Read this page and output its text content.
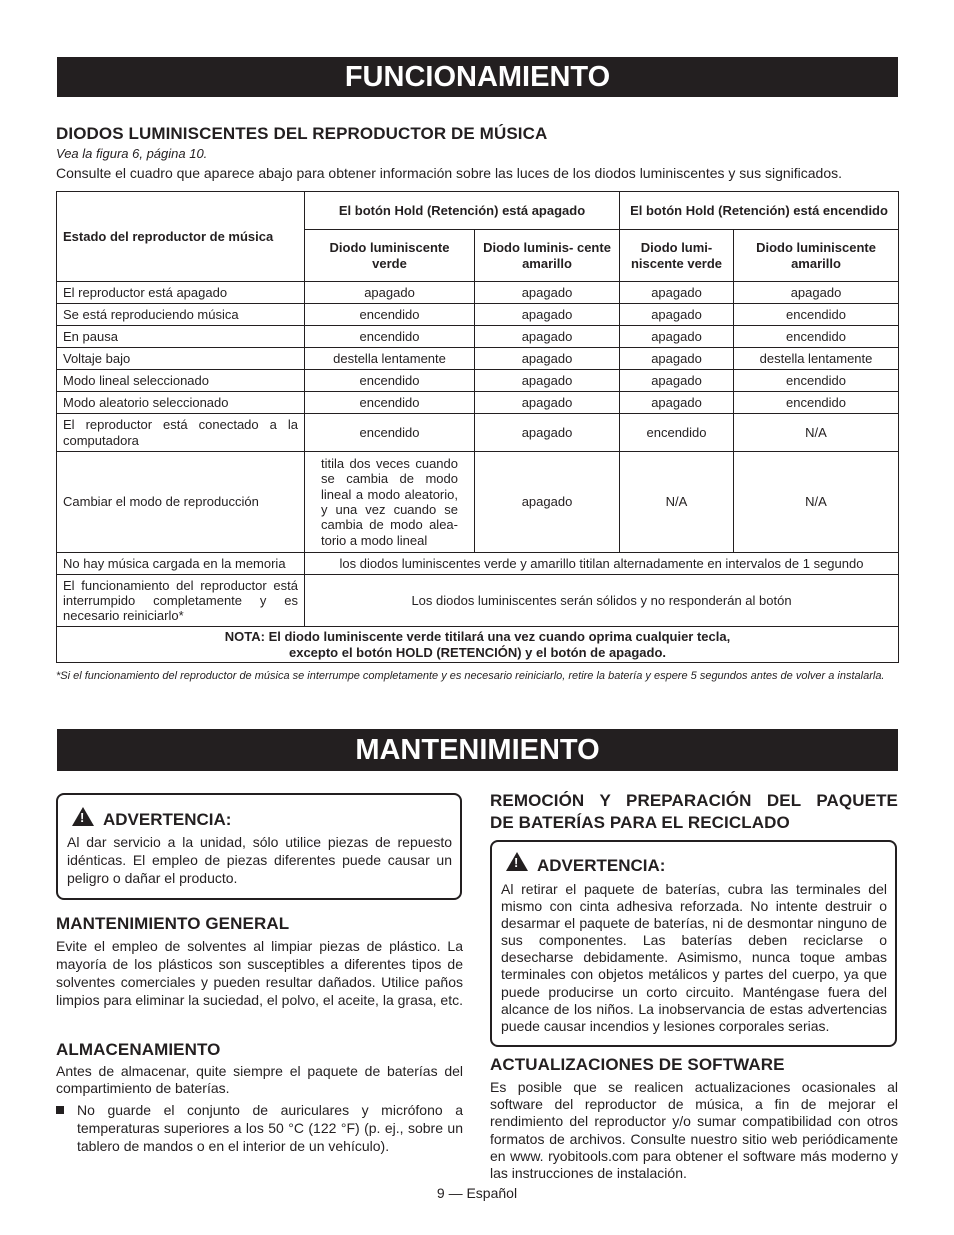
FUNCIONAMIENTO
DIODOS LUMINISCENTES DEL REPRODUCTOR DE MÚSICA
Vea la figura 6, página 10.
Consulte el cuadro que aparece abajo para obtener información sobre las luces de los diodos luminiscentes y sus significados.
Estado del reproductor de música	El botón Hold (Retención) está apagado		El botón Hold (Retención) está encendido	
	Diodo luminiscente verde	Diodo luminis- cente amarillo	Diodo lumi- niscente verde	Diodo luminiscente amarillo
El reproductor está apagado	apagado	apagado	apagado	apagado
Se está reproduciendo música	encendido	apagado	apagado	encendido
En pausa	encendido	apagado	apagado	encendido
Voltaje bajo	destella lentamente	apagado	apagado	destella lentamente
Modo lineal seleccionado	encendido	apagado	apagado	encendido
Modo aleatorio seleccionado	encendido	apagado	apagado	encendido
El reproductor está conectado a la computadora	encendido	apagado	encendido	N/A
Cambiar el modo de reproducción	titila dos veces cuando se cambia de modo lineal a modo aleatorio, y una vez cuando se cambia de modo alea- torio a modo lineal	apagado	N/A	N/A
No hay música cargada en la memoria	los diodos luminiscentes verde y amarillo titilan alternadamente en intervalos de 1 segundo			
El funcionamiento del reproductor está interrumpido completamente y es necesario reiniciarlo*	Los diodos luminiscentes serán sólidos y no responderán al botón			
NOTA: El diodo luminiscente verde titilará una vez cuando oprima cualquier tecla,
excepto el botón HOLD (RETENCIÓN) y el botón de apagado.				
*Si el funcionamiento del reproductor de música se interrumpe completamente y es necesario reiniciarlo, retire la batería y espere 5 segundos antes de volver a instalarla.
MANTENIMIENTO
! ADVERTENCIA:
Al dar servicio a la unidad, sólo utilice piezas de repuesto idénticas. El empleo de piezas diferentes puede causar un peligro o dañar el producto.
MANTENIMIENTO GENERAL
Evite el empleo de solventes al limpiar piezas de plástico. La mayoría de los plásticos son susceptibles a diferentes tipos de solventes comerciales y pueden resultar dañados. Utilice paños limpios para eliminar la suciedad, el polvo, el aceite, la grasa, etc.
ALMACENAMIENTO
Antes de almacenar, quite siempre el paquete de baterías del compartimiento de baterías.
No guarde el conjunto de auriculares y micrófono a temperaturas superiores a los 50 °C (122 °F) (p. ej., sobre un tablero de mandos o en el interior de un vehículo).
REMOCIÓN Y PREPARACIÓN DEL PAQUETE
DE BATERÍAS PARA EL RECICLADO
! ADVERTENCIA:
Al retirar el paquete de baterías, cubra las terminales del mismo con cinta adhesiva reforzada. No intente destruir o desarmar el paquete de baterías, ni de desmontar ninguno de sus componentes. Las baterías deben reciclarse o desecharse debidamente. Asimismo, nunca toque ambas terminales con objetos metálicos y partes del cuerpo, ya que puede producirse un corto circuito. Manténgase fuera del alcance de los niños. La inobservancia de estas advertencias puede causar incendios y lesiones corporales serias.
ACTUALIZACIONES DE SOFTWARE
Es posible que se realicen actualizaciones ocasionales al software del reproductor de música, a fin de mejorar el rendimiento del reproductor y/o sumar compatibilidad con otros formatos de archivos. Consulte nuestro sitio web periódicamente en www. ryobitools.com para obtener el software más moderno y las instrucciones de instalación.
9 — Español
